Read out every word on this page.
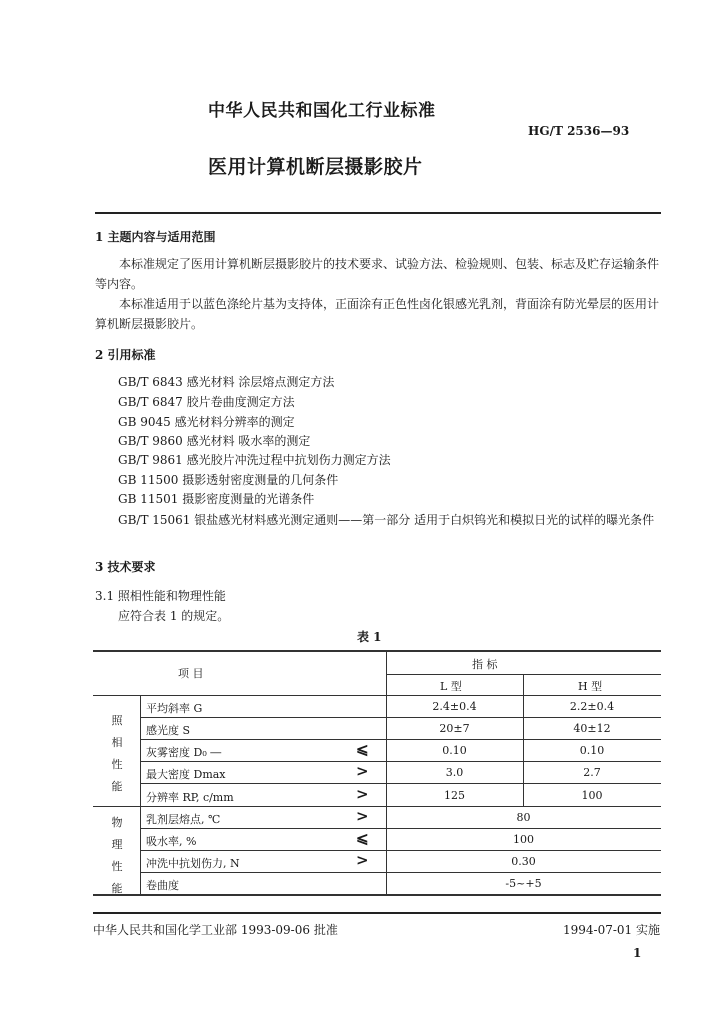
中华人民共和国化工行业标准
HG/T 2536—93
医用计算机断层摄影胶片
1 主题内容与适用范围
本标准规定了医用计算机断层摄影胶片的技术要求、试验方法、检验规则、包装、标志及贮存运输条件等内容。
本标准适用于以蓝色涤纶片基为支持体，正面涂有正色性卤化银感光乳剂，背面涂有防光晕层的医用计算机断层摄影胶片。
2 引用标准
GB/T 6843 感光材料 涂层熔点测定方法
GB/T 6847 胶片卷曲度测定方法
GB 9045 感光材料分辨率的测定
GB/T 9860 感光材料 吸水率的测定
GB/T 9861 感光胶片冲洗过程中抗划伤力测定方法
GB 11500 摄影透射密度测量的几何条件
GB 11501 摄影密度测量的光谱条件
GB/T 15061 银盐感光材料感光测定通则——第一部分 适用于白炽钨光和模拟日光的试样的曝光条件
3 技术要求
3.1 照相性能和物理性能
应符合表 1 的规定。
表 1
项 目
指 标
L 型	H 型
照相性能
物理性能
平均斜率 G	2.4±0.4	2.2±0.4
感光度 S	20±7	40±12
灰雾密度 D₀ ―	⩽	0.10	0.10
最大密度 Dmax	>	3.0	2.7
分辨率 RP, c/mm	>	125	100
乳剂层熔点, ℃	>	80
吸水率, %	⩽	100
冲洗中抗划伤力, N	>	0.30
卷曲度	-5~+5
中华人民共和国化学工业部 1993-09-06 批准	1994-07-01 实施
1
